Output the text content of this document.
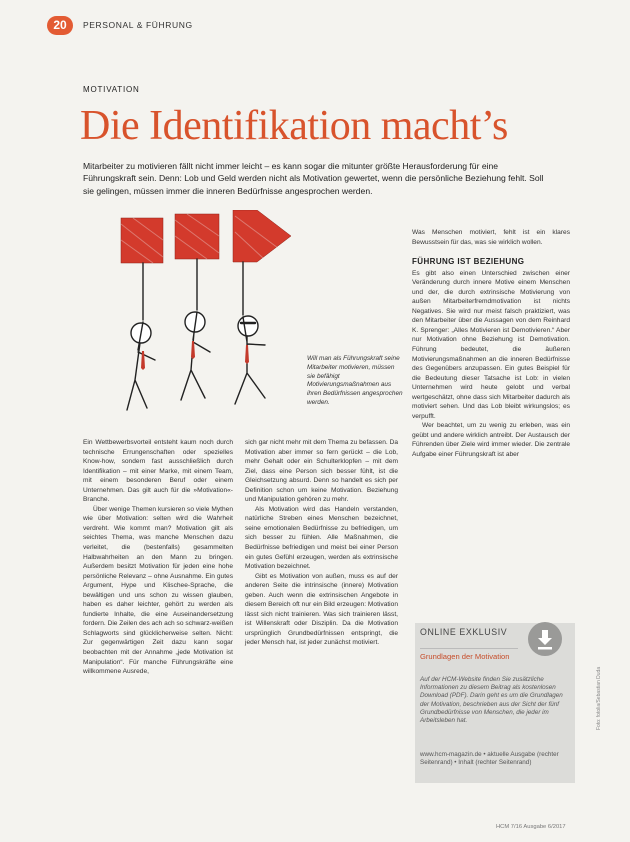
20	PERSONAL & FÜHRUNG
MOTIVATION
Die Identifikation macht’s
Mitarbeiter zu motivieren fällt nicht immer leicht – es kann sogar die mitunter größte Herausforderung für eine Führungskraft sein. Denn: Lob und Geld werden nicht als Motivation gewertet, wenn die persönliche Beziehung fehlt. Soll sie gelingen, müssen immer die inneren Bedürfnisse angesprochen werden.
Will man als Führungskraft seine Mitarbeiter motivieren, müssen sie befähigt Motivierungsmaßnahmen aus ihren Bedürfnissen angesprochen werden.

Ein Wettbewerbsvorteil entsteht kaum noch durch technische Errungenschaften oder spezielles Know-how, sondern fast ausschließlich durch Identifikation – mit einer Marke, mit einem Team, mit einem besonderen Beruf oder einem Unternehmen. Das gilt auch für die »Motivation«-Branche.

Über wenige Themen kursieren so viele Mythen wie über Motivation: selten wird die Wahrheit verdreht. Wie kommt man? Motivation gilt als seichtes Thema, was manche Menschen dazu verleitet, die (bestenfalls) gesammelten Halbwahrheiten an den Mann zu bringen. Außerdem besitzt Motivation für jeden eine hohe persönliche Relevanz – ohne Ausnahme. Ein gutes Argument, Hype und Klischee-Sprache, die bewältigen und uns schon zu wissen glauben, haben es daher leichter, gehört zu werden als fundierte Inhalte, die eine Auseinandersetzung fordern. Die Zeilen des ach ach so schwarz-weißen Schlagworts sind glücklicherweise selten. Nicht: Zur gegenwärtigen Zeit dazu kann sogar beobachten mit der Annahme „jede Motivation ist Manipulation“. Für manche Führungskräfte eine willkommene Ausrede,

sich gar nicht mehr mit dem Thema zu befassen. Da Motivation aber immer so fern gerückt – die Lob, mehr Gehalt oder ein Schulterklopfen – mit dem Ziel, dass eine Person sich besser fühlt, ist die Gleichsetzung absurd. Denn so handelt es sich per Definition schon um keine Motivation. Beziehung und Manipulation gehören zu mehr.

Als Motivation wird das Handeln verstanden, natürliche Streben eines Menschen bezeichnet, seine emotionalen Bedürfnisse zu befriedigen, um sich besser zu fühlen. Alle Maßnahmen, die Bedürfnisse befriedigen und meist bei einer Person ein gutes Gefühl erzeugen, werden als extrinsische Motivation bezeichnet.

Gibt es Motivation von außen, muss es auf der anderen Seite die intrinsische (innere) Motivation geben. Auch wenn die extrinsischen Angebote in diesem Bereich oft nur ein Bild erzeugen: Motivation lässt sich nicht trainieren. Was sich trainieren lässt, ist Willenskraft oder Disziplin. Da die Motivation ursprünglich Grundbedürfnissen entspringt, die jeder Mensch hat, ist jeder zunächst motiviert.

Was Menschen motiviert, fehlt ist ein klares Bewusstsein für das, was sie wirklich wollen.

FÜHRUNG IST BEZIEHUNG

Es gibt also einen Unterschied zwischen einer Veränderung durch innere Motive einem Menschen und der, die durch extrinsische Motivierung von außen Mitarbeiterfremdmotivation ist nichts Negatives. Sie wird nur meist falsch praktiziert, was den Mitarbeiter über die Aussagen von dem Reinhard K. Sprenger: „Alles Motivieren ist Demotivieren.“ Aber nur Motivation ohne Beziehung ist Demotivation. Führung bedeutet, die äußeren Motivierungsmaßnahmen an die inneren Bedürfnisse des Gegenübers anzupassen. Ein gutes Beispiel für die Bedeutung dieser Tatsache ist Lob: in vielen Unternehmen wird heute gelobt und verbal wertgeschätzt, ohne dass sich Mitarbeiter dadurch als motiviert sehen. Und das Lob bleibt wirkungslos; es verpufft.

Wer beachtet, um zu wenig zu erleben, was ein geübt und andere wirklich antreibt. Der Austausch der Führenden über Ziele wird immer wieder. Die zentrale Aufgabe einer Führungskraft ist aber

ONLINE EXKLUSIV
Grundlagen der Motivation
Auf der HCM-Website finden Sie zusätzliche Informationen zu diesem Beitrag als kostenlosen Download (PDF). Darin geht es um die Grundlagen der Motivation, beschrieben aus der Sicht der fünf Grundbedürfnisse von Menschen, die jeder im Arbeitsleben hat.
www.hcm-magazin.de • aktuelle Ausgabe (rechter Seitenrand) • Inhalt (rechter Seitenrand)
Foto: fotolia/Sebastian Duda
HCM 7/16 Ausgabe 6/2017
